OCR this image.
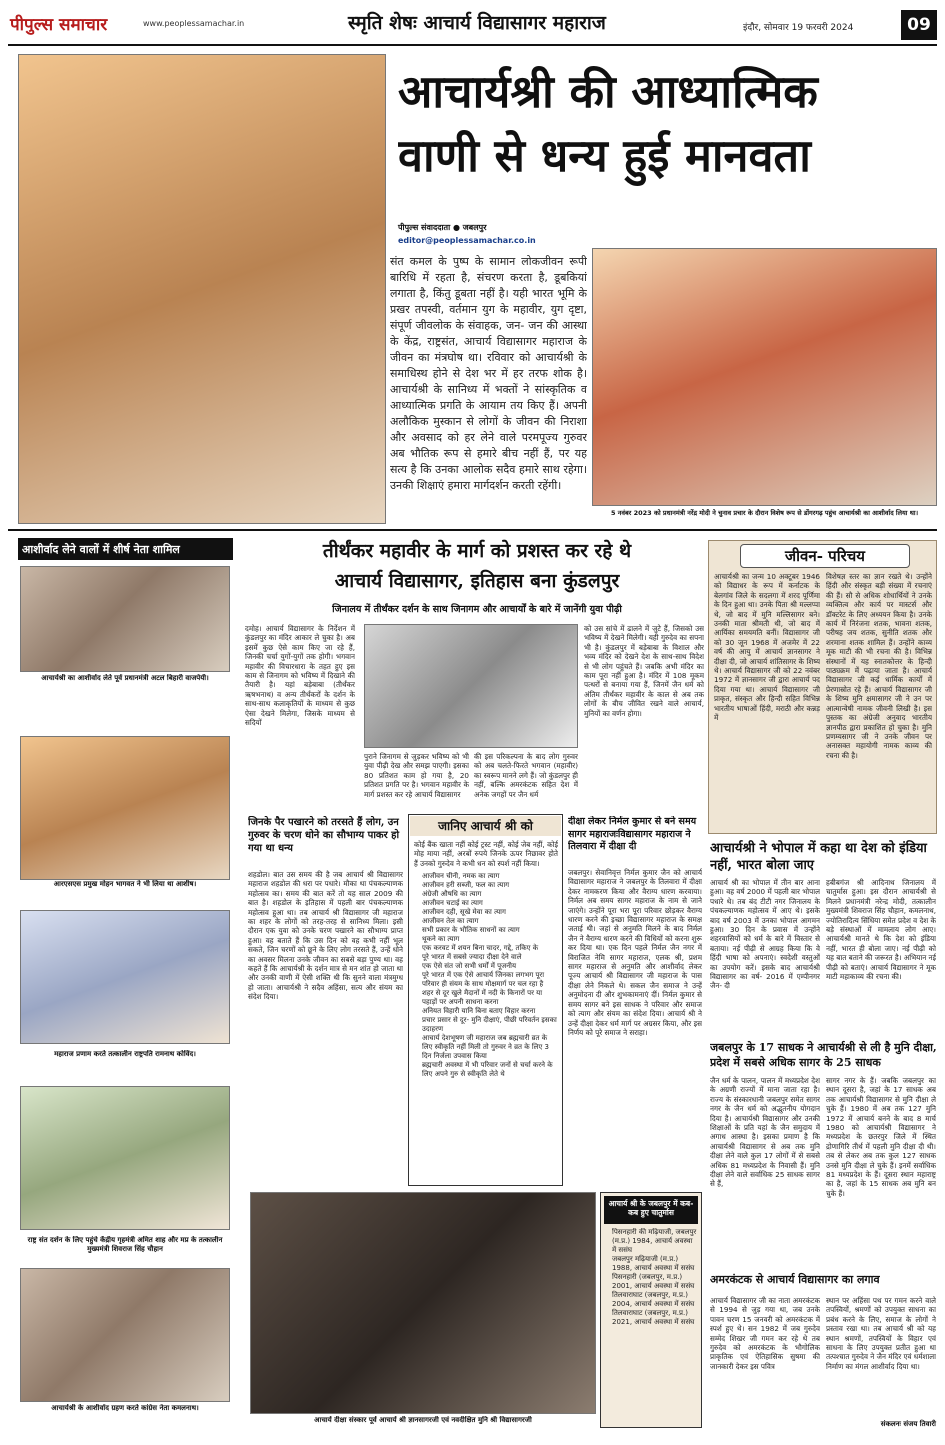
पीपुल्स समाचार	www.peoplessamachar.in	स्मृति शेषः आचार्य विद्यासागर महाराज	इंदौर, सोमवार 19 फरवरी 2024	09
आचार्यश्री की आध्यात्मिक
वाणी से धन्य हुई मानवता
पीपुल्स संवाददाता ● जबलपुर
editor@peoplessamachar.co.in
संत कमल के पुष्प के सामान लोकजीवन रूपी बारिधि में रहता है, संचरण करता है, डूबकियां लगाता है, किंतु डूबता नहीं है। यही भारत भूमि के प्रखर तपस्वी, वर्तमान युग के महावीर, युग दृष्टा, संपूर्ण जीवलोक के संवाहक, जन- जन की आस्था के केंद्र, राष्ट्रसंत, आचार्य विद्यासागर महाराज के जीवन का मंत्रघोष था। रविवार को आचार्यश्री के समाधिस्थ होने से देश भर में हर तरफ शोक है। आचार्यश्री के सानिध्य में भक्तों ने सांस्कृतिक व आध्यात्मिक प्रगति के आयाम तय किए हैं। अपनी अलौकिक मुस्कान से लोगों के जीवन की निराशा और अवसाद को हर लेने वाले परमपूज्य गुरुवर अब भौतिक रूप से हमारे बीच नहीं हैं, पर यह सत्य है कि उनका आलोक सदैव हमारे साथ रहेगा। उनकी शिक्षाएं हमारा मार्गदर्शन करती रहेंगी।
5 नवंबर 2023 को प्रधानमंत्री नरेंद्र मोदी ने चुनाव प्रचार के दौरान विशेष रूप से डोंगरगढ़ पहुंच आचार्यश्री का आशीर्वाद लिया था।
आशीर्वाद लेने वालों में शीर्ष नेता शामिल
आचार्यश्री का आशीर्वाद लेते पूर्व प्रधानमंत्री अटल बिहारी वाजपेयी।
आरएसएस प्रमुख मोहन भागवत ने भी लिया था आशीष।
महाराज प्रणाम करते तत्कालीन राष्ट्रपति रामनाथ कोविंद।
राष्ट्र संत दर्शन के लिए पहुंचे केंद्रीय गृहमंत्री अमित शाह और मप्र के तत्कालीन मुख्यमंत्री शिवराज सिंह चौहान
आचार्यश्री के आशीर्वाद ग्रहण करते कांग्रेस नेता कमलनाथ।
तीर्थंकर महावीर के मार्ग को प्रशस्त कर रहे थे
आचार्य विद्यासागर, इतिहास बना कुंडलपुर
जिनालय में तीर्थंकर दर्शन के साथ जिनागम और आचार्यों के बारे में जानेंगी युवा पीढ़ी
दमोह। आचार्य विद्यासागर के निर्देशन में कुंडलपुर का मंदिर आकार ले चुका है। अब इसमें कुछ ऐसे काम किए जा रहे हैं, जिनकी चर्चा युगों-युगों तक होगी। भगवान महावीर की विचारधारा के तहत हुए इस काम से जिनागम को भविष्य में दिखाने की तैयारी है। यहां बड़ेबाबा (तीर्थंकर ऋषभनाथ) व अन्य तीर्थंकरों के दर्शन के साथ-साथ कलाकृतियों के माध्यम से कुछ ऐसा देखने मिलेगा, जिसके माध्यम से सदियों
पुराने जिनागम से जुड़कर भविष्य को भी युवा पीढ़ी देख और समझ पाएगी। इसका 80 प्रतिशत काम हो गया है, 20 प्रतिशत प्रगति पर है। भगवान महावीर के मार्ग प्रशस्त कर रहे आचार्य विद्यासागर
की इस परिकल्पना के बाद लोग गुरुवर को अब चलते-फिरते भगवान (महावीर) का स्वरूप मानने लगे हैं। जो कुंडलपुर ही नहीं, बल्कि अमरकंटक सहित देश में अनेक जगहों पर जैन धर्म
को उस सांचे में ढालने में जुटे हैं, जिसको उस भविष्य में देखने मिलेगी। यही गुरुदेव का सपना भी है। कुंडलपुर में बड़ेबाबा के विशाल और भव्य मंदिर को देखने देश के साथ-साथ विदेश से भी लोग पहुंचते हैं। जबकि अभी मंदिर का काम पूरा नहीं हुआ है। मंदिर में 108 मूकम पत्थरों से बनाया गया हैं, जिनमें जैन धर्म को अंतिम तीर्थंकर महावीर के काल से अब तक लोगों के बीच जीवित रखने वाले आचार्य, मुनियों का वर्णन होगा।
जीवन- परिचय
आचार्यश्री का जन्म 10 अक्टूबर 1946 को विद्याधर के रूप में कर्नाटक के बेलगांव जिले के सदलगा में शरद पूर्णिमा के दिन हुआ था। उनके पिता श्री मल्लप्पा थे, जो बाद में मुनि मल्लिसागर बने। उनकी माता श्रीमती थी, जो बाद में आर्यिका समयमति बनीं। विद्यासागर जी को 30 जून 1968 में अजमेर में 22 वर्ष की आयु में आचार्य ज्ञानसागर ने दीक्षा दी, जो आचार्य शांतिसागर के शिष्य थे। आचार्य विद्यासागर जी को 22 नवंबर 1972 में ज्ञानसागर जी द्वारा आचार्य पद दिया गया था। आचार्य विद्यासागर जी प्राकृत, संस्कृत और हिन्दी सहित विभिन्न भारतीय भाषाओं हिंदी, मराठी और कन्नड़ में
विशेषज्ञ स्तर का ज्ञान रखते थे। उन्होंने हिंदी और संस्कृत बड़ी संख्या में रचनाएं की हैं। सौ से अधिक शोधार्थियों ने उनके व्यक्तित्व और कार्य पर मास्टर्स और डॉक्टरेट के लिए अध्ययन किया है। उनके कार्य में निरंजना शतक, भावना शतक, परीषह जय शतक, सुनीति शतक और शरमाना शतक शामिल हैं। उन्होंने काव्य मूक माटी की भी रचना की है। विभिन्न संस्थानों में यह स्नातकोत्तर के हिन्दी पाठ्यक्रम में पढ़ाया जाता है। आचार्य विद्यासागर जी कई धार्मिक कार्यों में प्रेरणास्रोत रहे हैं। आचार्य विद्यासागर जी के शिष्य मुनि क्षमासागर जी ने उन पर आत्मान्वेषी नामक जीवनी लिखी है। इस पुस्तक का अंग्रेजी अनुवाद भारतीय ज्ञानपीठ द्वारा प्रकाशित हो चुका है। मुनि प्रणम्यसागर जी ने उनके जीवन पर अनासक्त महायोगी नामक काव्य की रचना की है।
जिनके पैर पखारने को तरसते हैं लोग, उन गुरुवर के चरण धोने का सौभाग्य पाकर हो गया था धन्य
शहडोल। बात उस समय की है जब आचार्य श्री विद्यासागर महाराज शहडोल की धरा पर पधारे। मौका था पंचकल्याणक महोत्सव का। समय की बात करें तो यह साल 2009 की बात है। शहडोल के इतिहास में पहली बार पंचकल्याणक महोत्सव हुआ था। तब आचार्य श्री विद्यासागर जी महाराज का शहर के लोगों को तरह-तरह से सानिध्य मिला। इसी दौरान एक युवा को उनके चरण पखारने का सौभाग्य प्राप्त हुआ। वह बताते हैं कि उस दिन को वह कभी नहीं भूल सकते, जिन चरणों को छूने के लिए लोग तरसते हैं, उन्हें धोने का अवसर मिलना उनके जीवन का सबसे बड़ा पुण्य था। वह कहते हैं कि आचार्यश्री के दर्शन मात्र से मन शांत हो जाता था और उनकी वाणी में ऐसी शक्ति थी कि सुनने वाला मंत्रमुग्ध हो जाता। आचार्यश्री ने सदैव अहिंसा, सत्य और संयम का संदेश दिया।
जानिए आचार्य श्री को
कोई बैंक खाता नहीं कोई ट्रस्ट नहीं, कोई जेब नहीं, कोई मोह माया नहीं, अरबों रुपये जिनके ऊपर निछावर होते हैं उनको गुरुदेव ने कभी धन को स्पर्श नहीं किया।
▪ आजीवन चीनी, नमक का त्याग
▪ आजीवन हरी सब्जी, फल का त्याग
▪ अंग्रेजी औषधि का त्याग
▪ आजीवन चटाई का त्याग
▪ आजीवन दही, सूखे मेवा का त्याग
▪ आजीवन तेल का त्याग
▪ सभी प्रकार के भौतिक साधनों का त्याग
▪ थूकने का त्याग
▪ एक करवट में शयन बिना चादर, गद्दे, तकिए के
▪ पूरे भारत में सबसे ज्यादा दीक्षा देने वाले
▪ एक ऐसे संत जो सभी धर्मों में पूजनीय
▪ पूरे भारत में एक ऐसे आचार्य जिनका लगभग पूरा परिवार ही संयम के साथ मोक्षमार्ग पर चल रहा है
▪ शहर से दूर खुले मैदानों में नदी के किनारों पर या पहाड़ों पर अपनी साधना करना
▪ अनियत विहारी यानि बिना बताए विहार करना
▪ प्रचार प्रसार से दूर- मुनि दीक्षाएं, पीछी परिवर्तन इसका उदाहरण
▪ आचार्य देशभूषण जी महाराज जब ब्रह्मचारी व्रत के लिए स्वीकृति नहीं मिली तो गुरुवर ने व्रत के लिए 3 दिन निर्जला उपवास किया
▪ ब्रह्मचारी अवस्था में भी परिवार जनों से चर्चा करने के लिए अपने गुरु से स्वीकृति लेते थे
दीक्षा लेकर निर्मल कुमार से बने समय सागर महाराजःविद्यासागर महाराज ने तिलवारा में दीक्षा दी
जबलपुर। सेवानिवृत्त निर्मल कुमार जैन को आचार्य विद्यासागर महाराज ने जबलपुर के तिलवारा में दीक्षा देकर नामकरण किया और वैराग्य धारण करवाया। निर्मल अब समय सागर महाराज के नाम से जाने जाएंगे। उन्होंने पूरा भरा पूरा परिवार छोड़कर वैराग्य धारण करने की इच्छा विद्यासागर महाराज के समक्ष जताई थी। जहां से अनुमति मिलने के बाद निर्मल जैन ने वैराग्य धारण करने की विधियों को करना शुरू कर दिया था। एक दिन पहले निर्मल जैन नगर में विराजित नेमि सागर महाराज, एलक श्री, प्रशम सागर महाराज से अनुमति और आशीर्वाद लेकर पूज्य आचार्य श्री विद्यासागर जी महाराज के पास दीक्षा लेने निकले थे। सकल जैन समाज ने उन्हें अनुमोदना दी और शुभकामनाएं दीं। निर्मल कुमार से समय सागर बने इस साधक ने परिवार और समाज को त्याग और संयम का संदेश दिया। आचार्य श्री ने उन्हें दीक्षा देकर धर्म मार्ग पर अग्रसर किया, और इस निर्णय को पूरे समाज ने सराहा।
आचार्यश्री ने भोपाल में कहा था देश को इंडिया नहीं, भारत बोला जाए
आचार्य श्री का भोपाल में तीन बार आना हुआ। वह वर्ष 2000 में पहली बार भोपाल पधारे थे। तब बंद टीटी नगर जिनालय के पंचकल्याणक महोत्सव में आए थे। इसके बाद वर्ष 2003 में उनका भोपाल आगमन हुआ। 30 दिन के प्रवास में उन्होंने शहरवासियों को धर्म के बारे में विस्तार से बताया। नई पीढ़ी से आग्रह किया कि वे हिंदी भाषा को अपनाएं। स्वदेशी वस्तुओं का उपयोग करें। इसके बाद आचार्यश्री विद्यासागर का वर्ष- 2016 में एम्पीनगर जैन- दी
हबीबगंज श्री आदिनाथ जिनालय में चातुर्मास हुआ। इस दौरान आचार्यश्री से मिलने प्रधानमंत्री नरेन्द्र मोदी, तत्कालीन मुख्यमंत्री शिवराज सिंह चौहान, कमलनाथ, ज्योतिरादित्य सिंधिया समेत प्रदेश व देश के बड़े संस्थाओं में मामलाय लोग आए। आचार्यश्री मानते थे कि देश को इंडिया नहीं, भारत ही बोला जाए। नई पीढ़ी को यह बात बताने की जरूरत है। अभियान नई पीढ़ी को बताएं। आचार्य विद्यासागर ने मूक माटी महाकाव्य की रचना की।
जबलपुर के 17 साधक ने आचार्यश्री से ली है मुनि दीक्षा, प्रदेश में सबसे अधिक सागर के 25 साधक
जैन धर्म के पालन, पालन में मध्यप्रदेश देश के अग्रणी राज्यों में माना जाता रहा है। राज्य के संस्कारधानी जबलपुर समेत सागर नगर के जैन धर्म को अद्भुतनीय योगदान दिया है। आचार्यश्री विद्यासागर और उनकी शिक्षाओं के प्रति यहां के जैन समुदाय में अगाध आस्था है। इसका प्रमाण है कि आचार्यश्री विद्यासागर से अब तक मुनि दीक्षा लेने वाले कुल 17 लोगों में से सबसे अधिक 81 मध्यप्रदेश के निवासी हैं। मुनि दीक्षा लेने वाले सर्वाधिक 25 साधक सागर से हैं,
सागर नगर के हैं। जबकि जबलपुर का स्थान दूसरा है, जहां के 17 साधक अब तक आचार्यश्री विद्यासागर से मुनि दीक्षा ले चुके हैं। 1980 में अब तक 127 मुनि 1972 में आचार्य बनने के बाद 8 मार्च 1980 को आचार्यश्री विद्यासागर ने मध्यप्रदेश के छतरपुर जिले में स्थित द्रोणागिरि तीर्थ में पहली मुनि दीक्षा दी थी। तब से लेकर अब तक कुल 127 साधक उनसे मुनि दीक्षा ले चुके हैं। इनमें सर्वाधिक 81 मध्यप्रदेश के हैं। दूसरा स्थान महाराष्ट्र का है, जहां के 15 साधक अब मुनि बन चुके हैं।
अमरकंटक से आचार्य विद्यासागर का लगाव
आचार्य विद्यासागर जी का नाता अमरकंटक से 1994 से जुड़ गया था, जब उनके पावन चरण 15 जनवरी को अमरकंटक में स्पर्श हुए थे। सन 1982 में जब गुरुदेव सम्मेद शिखर जी गमन कर रहे थे तब गुरुदेव को अमरकंटक के भौगोलिक प्राकृतिक एवं ऐतिहासिक सुषमा की जानकारी देकर इस पवित्र
स्थान पर अहिंसा पथ पर गमन करने वाले तपस्वियों, श्रमणों को उपयुक्त साधना का प्रबंध करने के लिए, समाज के लोगों ने प्रस्ताव रखा था। तब आचार्य श्री को यह स्थान श्रमणों, तपस्वियों के विहार एवं साधना के लिए उपयुक्त प्रतीत हुआ था तत्पश्चात गुरुदेव ने जैन मंदिर एवं धर्मशाला निर्माण का मंगल आशीर्वाद दिया था।
संकलनः संजय तिवारी
आचार्य दीक्षा संस्कार पूर्व आचार्य श्री ज्ञानसागरजी एवं नवदीक्षित मुनि श्री विद्यासागरजी
आचार्य श्री के जबलपुर में कब-कब हुए चातुर्मास
▪ पिसनहारी की मढ़ियाजी, जबलपुर (म.प्र.) 1984, आचार्य अवस्था में ससंघ
▪ जबलपुर मढ़ियाजी (म.प्र.) 1988, आचार्य अवस्था में ससंघ
▪ पिसनहारी (जबलपुर, म.प्र.) 2001, आचार्य अवस्था में ससंघ
▪ तिलवाराघाट (जबलपुर, म.प्र.) 2004, आचार्य अवस्था में ससंघ
▪ तिलवाराघाट (जबलपुर, म.प्र.) 2021, आचार्य अवस्था में ससंघ
